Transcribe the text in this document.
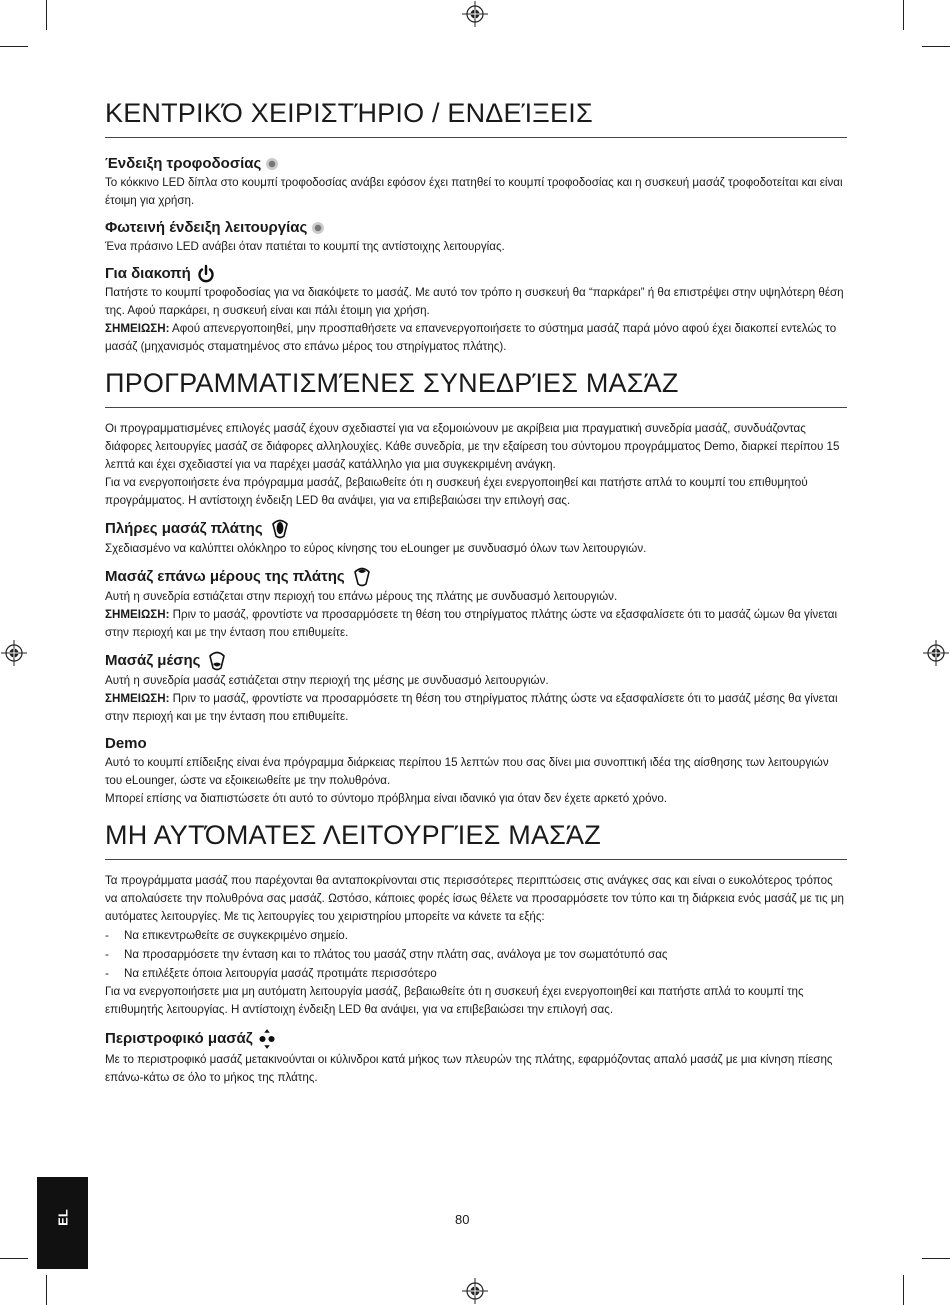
ΚΕΝΤΡΙΚΌ ΧΕΙΡΙΣΤΉΡΙΟ / ΕΝΔΕΊΞΕΙΣ
Ένδειξη τροφοδοσίας

Το κόκκινο LED δίπλα στο κουμπί τροφοδοσίας ανάβει εφόσον έχει πατηθεί το κουμπί τροφοδοσίας και η συσκευή μασάζ τροφοδοτείται και είναι έτοιμη για χρήση.

Φωτεινή ένδειξη λειτουργίας

Ένα πράσινο LED ανάβει όταν πατιέται το κουμπί της αντίστοιχης λειτουργίας.

Για διακοπή

Πατήστε το κουμπί τροφοδοσίας για να διακόψετε το μασάζ. Με αυτό τον τρόπο η συσκευή θα “παρκάρει” ή θα επιστρέψει στην υψηλότερη θέση της. Αφού παρκάρει, η συσκευή είναι και πάλι έτοιμη για χρήση.

ΣΗΜΕΙΩΣΗ: Αφού απενεργοποιηθεί, μην προσπαθήσετε να επανενεργοποιήσετε το σύστημα μασάζ παρά μόνο αφού έχει διακοπεί εντελώς το μασάζ (μηχανισμός σταματημένος στο επάνω μέρος του στηρίγματος πλάτης).

ΠΡΟΓΡΑΜΜΑΤΙΣΜΈΝΕΣ ΣΥΝΕΔΡΊΕΣ ΜΑΣΆΖ

Οι προγραμματισμένες επιλογές μασάζ έχουν σχεδιαστεί για να εξομοιώνουν με ακρίβεια μια πραγματική συνεδρία μασάζ, συνδυάζοντας διάφορες λειτουργίες μασάζ σε διάφορες αλληλουχίες. Κάθε συνεδρία, με την εξαίρεση του σύντομου προγράμματος Demo, διαρκεί περίπου 15 λεπτά και έχει σχεδιαστεί για να παρέχει μασάζ κατάλληλο για μια συγκεκριμένη ανάγκη.

Για να ενεργοποιήσετε ένα πρόγραμμα μασάζ, βεβαιωθείτε ότι η συσκευή έχει ενεργοποιηθεί και πατήστε απλά το κουμπί του επιθυμητού προγράμματος. Η αντίστοιχη ένδειξη LED θα ανάψει, για να επιβεβαιώσει την επιλογή σας.

Πλήρες μασάζ πλάτης

Σχεδιασμένο να καλύπτει ολόκληρο το εύρος κίνησης του eLounger με συνδυασμό όλων των λειτουργιών.

Μασάζ επάνω μέρους της πλάτης

Αυτή η συνεδρία εστιάζεται στην περιοχή του επάνω μέρους της πλάτης με συνδυασμό λειτουργιών.

ΣΗΜΕΙΩΣΗ: Πριν το μασάζ, φροντίστε να προσαρμόσετε τη θέση του στηρίγματος πλάτης ώστε να εξασφαλίσετε ότι το μασάζ ώμων θα γίνεται στην περιοχή και με την ένταση που επιθυμείτε.

Μασάζ μέσης

Αυτή η συνεδρία μασάζ εστιάζεται στην περιοχή της μέσης με συνδυασμό λειτουργιών.

ΣΗΜΕΙΩΣΗ: Πριν το μασάζ, φροντίστε να προσαρμόσετε τη θέση του στηρίγματος πλάτης ώστε να εξασφαλίσετε ότι το μασάζ μέσης θα γίνεται στην περιοχή και με την ένταση που επιθυμείτε.

Demo

Αυτό το κουμπί επίδειξης είναι ένα πρόγραμμα διάρκειας περίπου 15 λεπτών που σας δίνει μια συνοπτική ιδέα της αίσθησης των λειτουργιών του eLounger, ώστε να εξοικειωθείτε με την πολυθρόνα.

Μπορεί επίσης να διαπιστώσετε ότι αυτό το σύντομο πρόβλημα είναι ιδανικό για όταν δεν έχετε αρκετό χρόνο.

ΜΗ ΑΥΤΌΜΑΤΕΣ ΛΕΙΤΟΥΡΓΊΕΣ ΜΑΣΆΖ

Τα προγράμματα μασάζ που παρέχονται θα ανταποκρίνονται στις περισσότερες περιπτώσεις στις ανάγκες σας και είναι ο ευκολότερος τρόπος να απολαύσετε την πολυθρόνα σας μασάζ. Ωστόσο, κάποιες φορές ίσως θέλετε να προσαρμόσετε τον τύπο και τη διάρκεια ενός μασάζ με τις μη αυτόματες λειτουργίες. Με τις λειτουργίες του χειριστηρίου μπορείτε να κάνετε τα εξής:

- Να επικεντρωθείτε σε συγκεκριμένο σημείο.
- Να προσαρμόσετε την ένταση και το πλάτος του μασάζ στην πλάτη σας, ανάλογα με τον σωματότυπό σας
- Να επιλέξετε όποια λειτουργία μασάζ προτιμάτε περισσότερο

Για να ενεργοποιήσετε μια μη αυτόματη λειτουργία μασάζ, βεβαιωθείτε ότι η συσκευή έχει ενεργοποιηθεί και πατήστε απλά το κουμπί της επιθυμητής λειτουργίας. Η αντίστοιχη ένδειξη LED θα ανάψει, για να επιβεβαιώσει την επιλογή σας.

Περιστροφικό μασάζ

Με το περιστροφικό μασάζ μετακινούνται οι κύλινδροι κατά μήκος των πλευρών της πλάτης, εφαρμόζοντας απαλό μασάζ με μια κίνηση πίεσης επάνω-κάτω σε όλο το μήκος της πλάτης.

EL	80
